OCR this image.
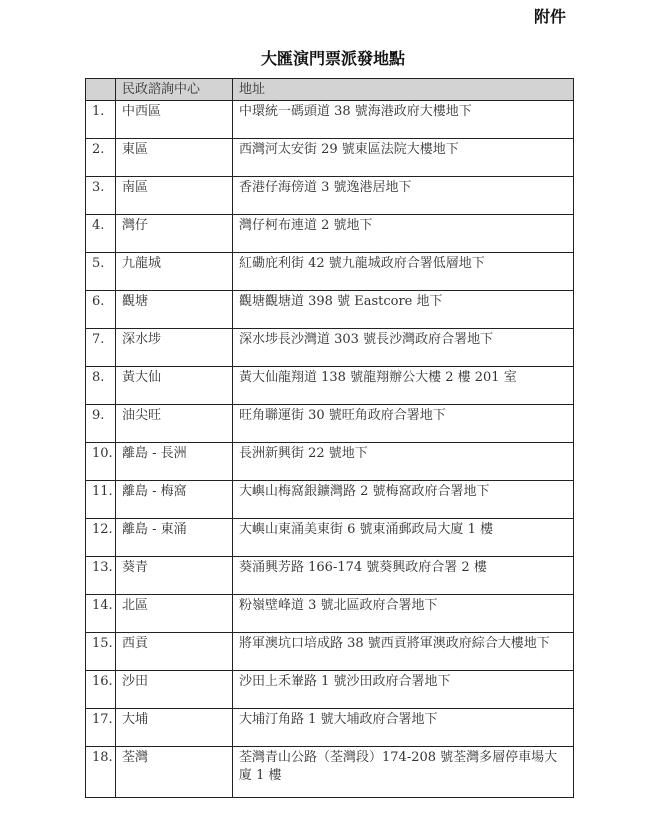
附件
大匯演門票派發地點
	民政諮詢中心	地址
1.	中西區	中環統一碼頭道 38 號海港政府大樓地下
2.	東區	西灣河太安街 29 號東區法院大樓地下
3.	南區	香港仔海傍道 3 號逸港居地下
4.	灣仔	灣仔柯布連道 2 號地下
5.	九龍城	紅磡庇利街 42 號九龍城政府合署低層地下
6.	觀塘	觀塘觀塘道 398 號 Eastcore 地下
7.	深水埗	深水埗長沙灣道 303 號長沙灣政府合署地下
8.	黃大仙	黃大仙龍翔道 138 號龍翔辦公大樓 2 樓 201 室
9.	油尖旺	旺角聯運街 30 號旺角政府合署地下
10.	離島 - 長洲	長洲新興街 22 號地下
11.	離島 - 梅窩	大嶼山梅窩銀鑛灣路 2 號梅窩政府合署地下
12.	離島 - 東涌	大嶼山東涌美東街 6 號東涌郵政局大廈 1 樓
13.	葵青	葵涌興芳路 166-174 號葵興政府合署 2 樓
14.	北區	粉嶺壁峰道 3 號北區政府合署地下
15.	西貢	將軍澳坑口培成路 38 號西貢將軍澳政府綜合大樓地下
16.	沙田	沙田上禾輋路 1 號沙田政府合署地下
17.	大埔	大埔汀角路 1 號大埔政府合署地下
18.	荃灣	荃灣青山公路（荃灣段）174-208 號荃灣多層停車場大廈 1 樓
